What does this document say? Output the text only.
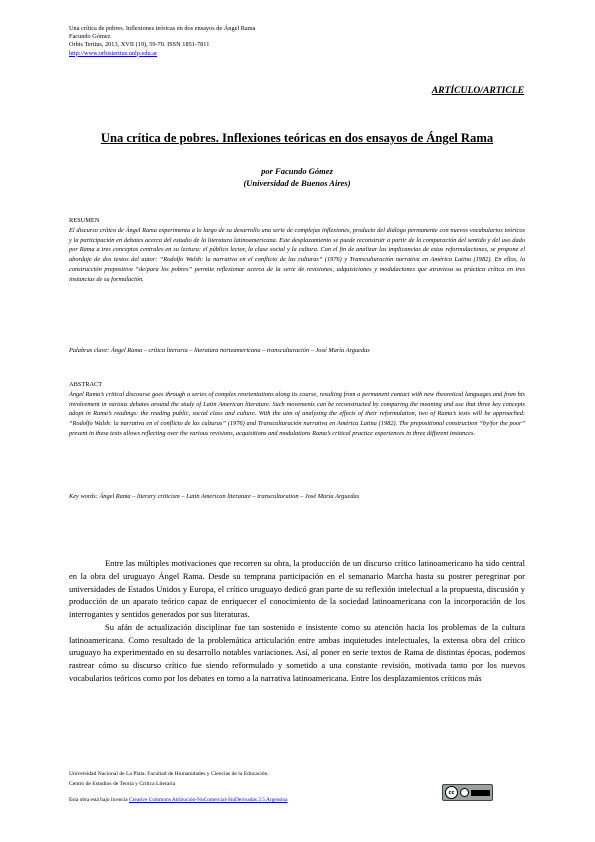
Una crítica de pobres. Inflexiones teóricas en dos ensayos de Ángel Rama
Facundo Gómez
Orbis Tertius, 2013, XVII (19), 59-70. ISSN 1851-7811
http://www.orbistertius.unlp.edu.ar
ARTÍCULO/ARTICLE
Una crítica de pobres. Inflexiones teóricas en dos ensayos de Ángel Rama
por Facundo Gómez
(Universidad de Buenos Aires)
RESUMEN
El discurso crítico de Ángel Rama experimenta a lo largo de su desarrollo una serie de complejas inflexiones, producto del diálogo permanente con nuevos vocabularios teóricos y la participación en debates acerca del estudio de la literatura latinoamericana. Este desplazamiento se puede reconstruir a partir de la comparación del sentido y del uso dado por Rama a tres conceptos centrales en su lectura: el público lector, la clase social y la cultura. Con el fin de analizar las implicancias de estas reformulaciones, se propone el abordaje de dos textos del autor: “Rodolfo Walsh: la narrativa en el conflicto de las culturas” (1976) y Transculturación narrativa en América Latina (1982). En ellos, la construcción prepositiva “de/para los pobres” permite reflexionar acerca de la serie de revisiones, adquisiciones y modulaciones que atraviesa su práctica crítica en tres instancias de su formulación.
Palabras clave: Ángel Rama – crítica literaria – literatura norteamericana – transculturación – José María Arguedas
ABSTRACT
Ángel Rama’s critical discourse goes through a series of complex reorientations along its course, resulting from a permanent contact with new theoretical languages and from his involvement in various debates around the study of Latin American literature. Such movements can be reconstructed by comparing the meaning and use that three key concepts adopt in Rama’s readings: the reading public, social class and culture. With the aim of analyzing the effects of their reformulation, two of Rama’s texts will be approached: “Rodolfo Walsh: la narrativa en el conflicto de las culturas” (1976) and Transculturación narrativa en América Latina (1982). The prepositional construction “by/for the poor” present in these texts allows reflecting over the various revisions, acquisitions and modulations Rama’s critical practice experiences in three different instances.
Key words: Ángel Rama – literary criticism – Latin American literature – transculturation – José María Arguedas

Entre las múltiples motivaciones que recorren su obra, la producción de un discurso crítico latinoamericano ha sido central en la obra del uruguayo Ángel Rama. Desde su temprana participación en el semanario Marcha hasta su postrer peregrinar por universidades de Estados Unidos y Europa, el crítico uruguayo dedicó gran parte de su reflexión intelectual a la propuesta, discusión y producción de un aparato teórico capaz de enriquecer el conocimiento de la sociedad latinoamericana con la incorporación de los interrogantes y sentidos generados por sus literaturas.

Su afán de actualización disciplinar fue tan sostenido e insistente como su atención hacia los problemas de la cultura latinoamericana. Como resultado de la problemática articulación entre ambas inquietudes intelectuales, la extensa obra del crítico uruguayo ha experimentado en su desarrollo notables variaciones. Así, al poner en serie textos de Rama de distintas épocas, podemos rastrear cómo su discurso crítico fue siendo reformulado y sometido a una constante revisión, motivada tanto por los nuevos vocabularios teóricos como por los debates en torno a la narrativa latinoamericana. Entre los desplazamientos críticos más

Universidad Nacional de La Plata. Facultad de Humanidades y Ciencias de la Educación.
Centro de Estudios de Teoría y Crítica Literaria
cc
Esta obra está bajo licencia Creative Commons Atribución-NoComercial-SinDerivadas 2.5 Argentina
